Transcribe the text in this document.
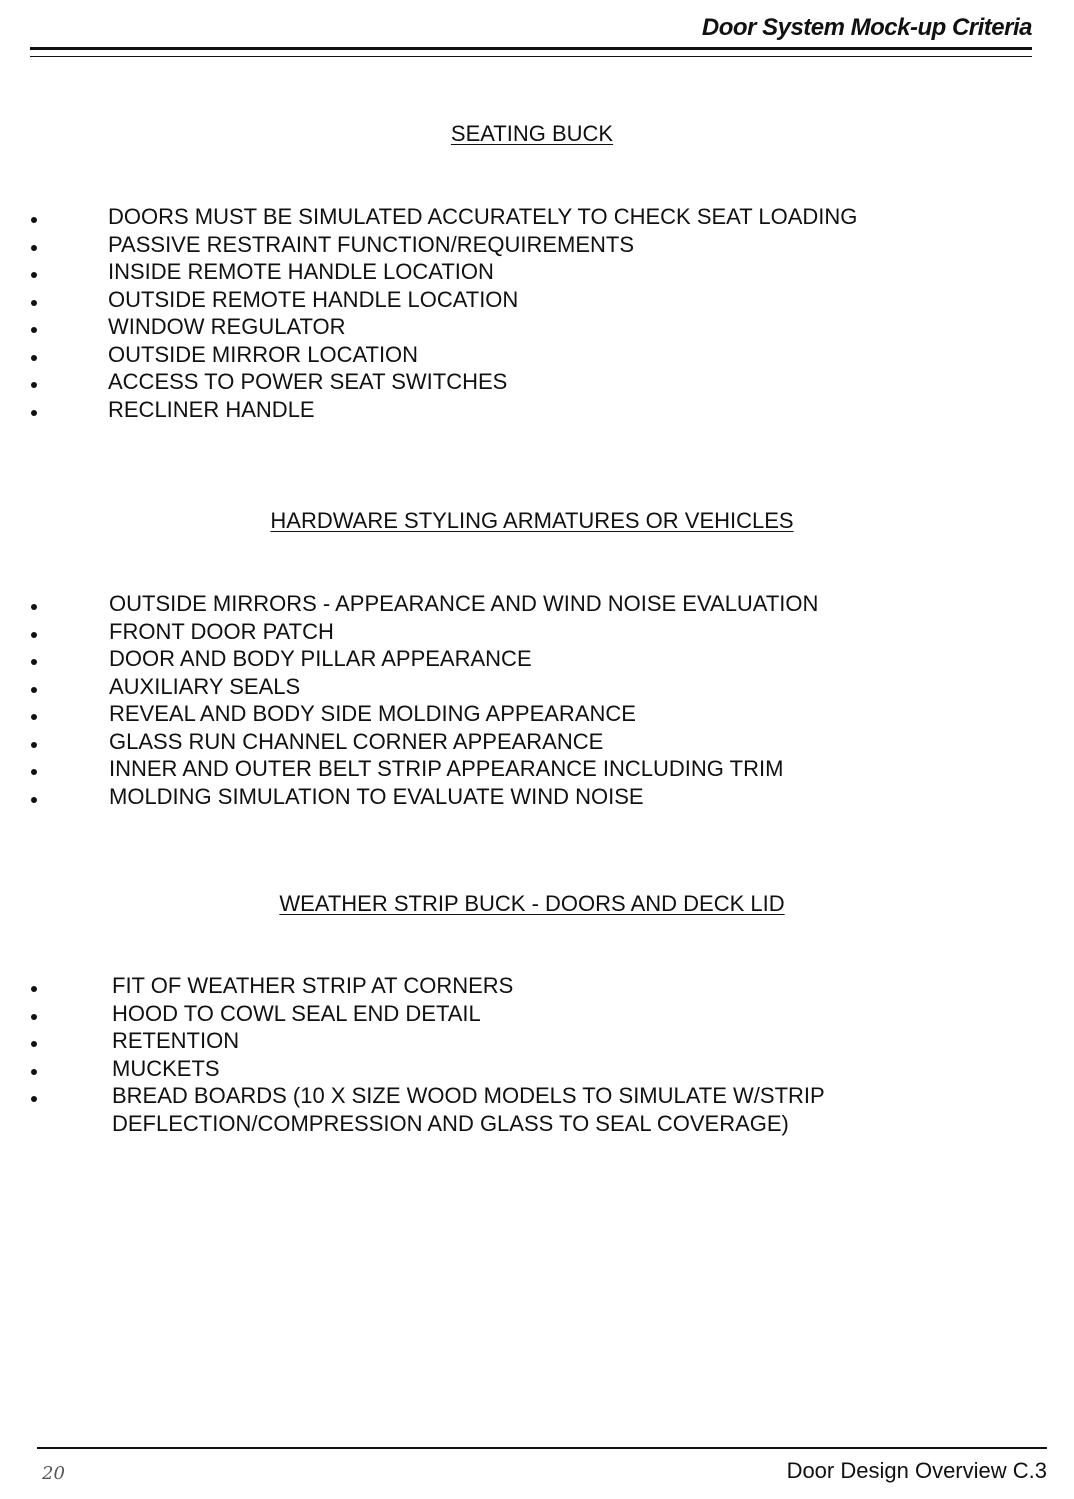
Door System Mock-up Criteria
SEATING BUCK
DOORS MUST BE SIMULATED ACCURATELY TO CHECK SEAT LOADING
PASSIVE RESTRAINT FUNCTION/REQUIREMENTS
INSIDE REMOTE HANDLE LOCATION
OUTSIDE REMOTE HANDLE LOCATION
WINDOW REGULATOR
OUTSIDE MIRROR LOCATION
ACCESS TO POWER SEAT SWITCHES
RECLINER HANDLE
HARDWARE STYLING ARMATURES OR VEHICLES
OUTSIDE MIRRORS - APPEARANCE AND WIND NOISE EVALUATION
FRONT DOOR PATCH
DOOR AND BODY PILLAR APPEARANCE
AUXILIARY SEALS
REVEAL AND BODY SIDE MOLDING APPEARANCE
GLASS RUN CHANNEL CORNER APPEARANCE
INNER AND OUTER BELT STRIP APPEARANCE INCLUDING TRIM
MOLDING SIMULATION TO EVALUATE WIND NOISE
WEATHER STRIP BUCK - DOORS AND DECK LID
FIT OF WEATHER STRIP AT CORNERS
HOOD TO COWL SEAL END DETAIL
RETENTION
MUCKETS
BREAD BOARDS (10 X SIZE WOOD MODELS TO SIMULATE W/STRIP
DEFLECTION/COMPRESSION AND GLASS TO SEAL COVERAGE)
20	Door Design Overview C.3
